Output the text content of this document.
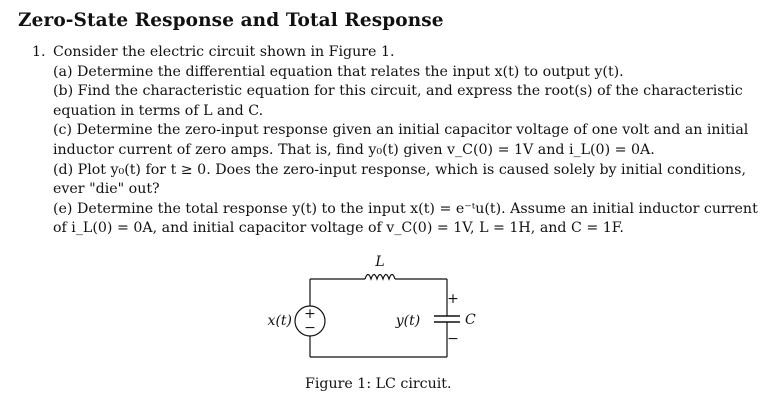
Zero-State Response and Total Response
1. Consider the electric circuit shown in Figure 1.
(a) Determine the differential equation that relates the input x(t) to output y(t).
(b) Find the characteristic equation for this circuit, and express the root(s) of the characteristic
equation in terms of L and C.
(c) Determine the zero-input response given an initial capacitor voltage of one volt and an initial
inductor current of zero amps. That is, find y₀(t) given v_C(0) = 1V and i_L(0) = 0A.
(d) Plot y₀(t) for t ≥ 0. Does the zero-input response, which is caused solely by initial conditions,
ever "die" out?
(e) Determine the total response y(t) to the input x(t) = e⁻ᵗu(t). Assume an initial inductor current
of i_L(0) = 0A, and initial capacitor voltage of v_C(0) = 1V, L = 1H, and C = 1F.
L
x(t) +
−	y(t)
+
−
C
Figure 1: LC circuit.
